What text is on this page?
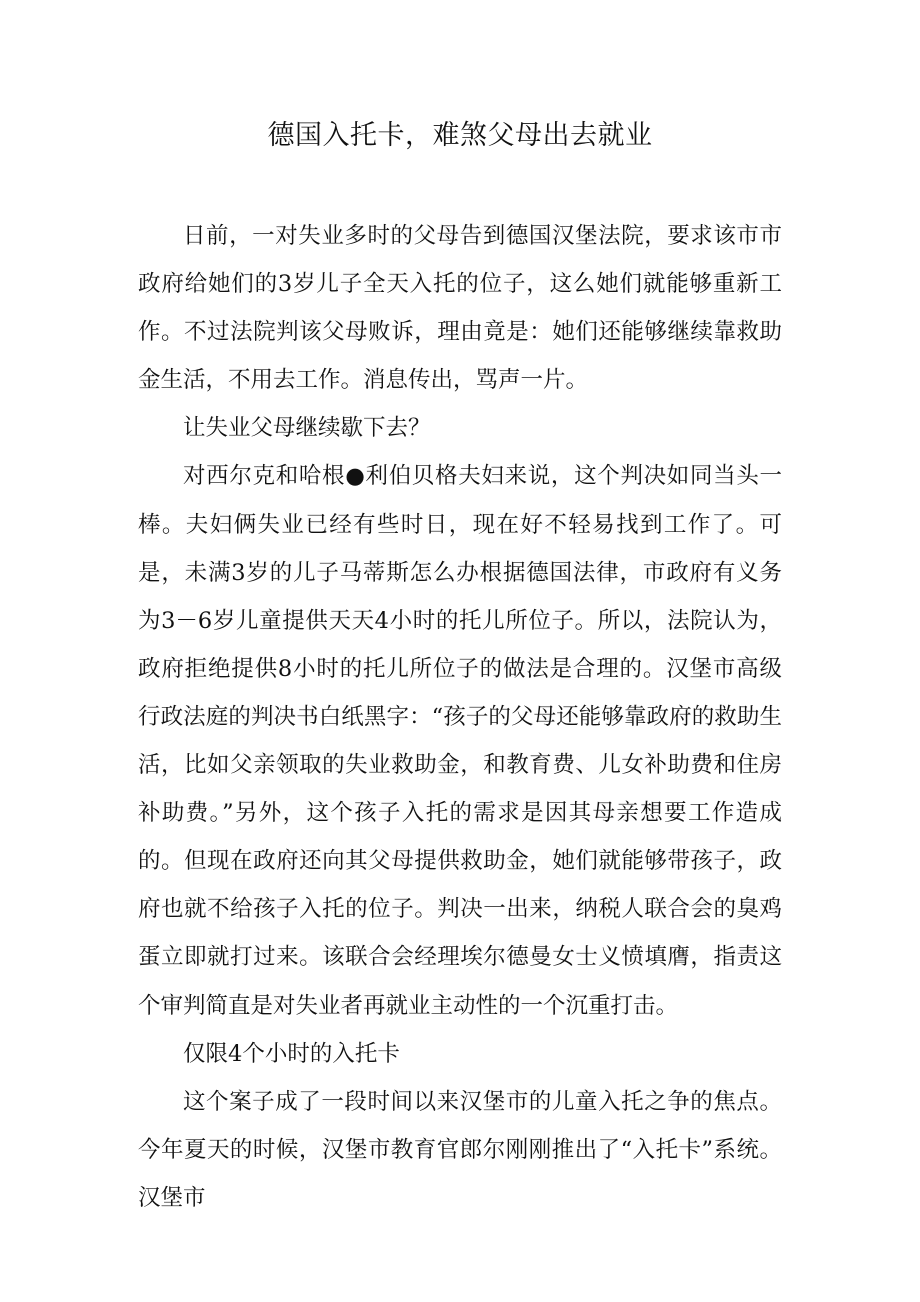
德国入托卡，难煞父母出去就业

日前，一对失业多时的父母告到德国汉堡法院，要求该市市政府给她们的3岁儿子全天入托的位子，这么她们就能够重新工作。不过法院判该父母败诉，理由竟是：她们还能够继续靠救助金生活，不用去工作。消息传出，骂声一片。

让失业父母继续歇下去？

对西尔克和哈根●利伯贝格夫妇来说，这个判决如同当头一棒。夫妇俩失业已经有些时日，现在好不轻易找到工作了。可是，未满3岁的儿子马蒂斯怎么办根据德国法律，市政府有义务为3－6岁儿童提供天天4小时的托儿所位子。所以，法院认为，政府拒绝提供8小时的托儿所位子的做法是合理的。汉堡市高级行政法庭的判决书白纸黑字：“孩子的父母还能够靠政府的救助生活，比如父亲领取的失业救助金，和教育费、儿女补助费和住房补助费。”另外，这个孩子入托的需求是因其母亲想要工作造成的。但现在政府还向其父母提供救助金，她们就能够带孩子，政府也就不给孩子入托的位子。判决一出来，纳税人联合会的臭鸡蛋立即就打过来。该联合会经理埃尔德曼女士义愤填膺，指责这个审判简直是对失业者再就业主动性的一个沉重打击。

仅限4个小时的入托卡

这个案子成了一段时间以来汉堡市的儿童入托之争的焦点。今年夏天的时候，汉堡市教育官郎尔刚刚推出了“入托卡”系统。汉堡市
